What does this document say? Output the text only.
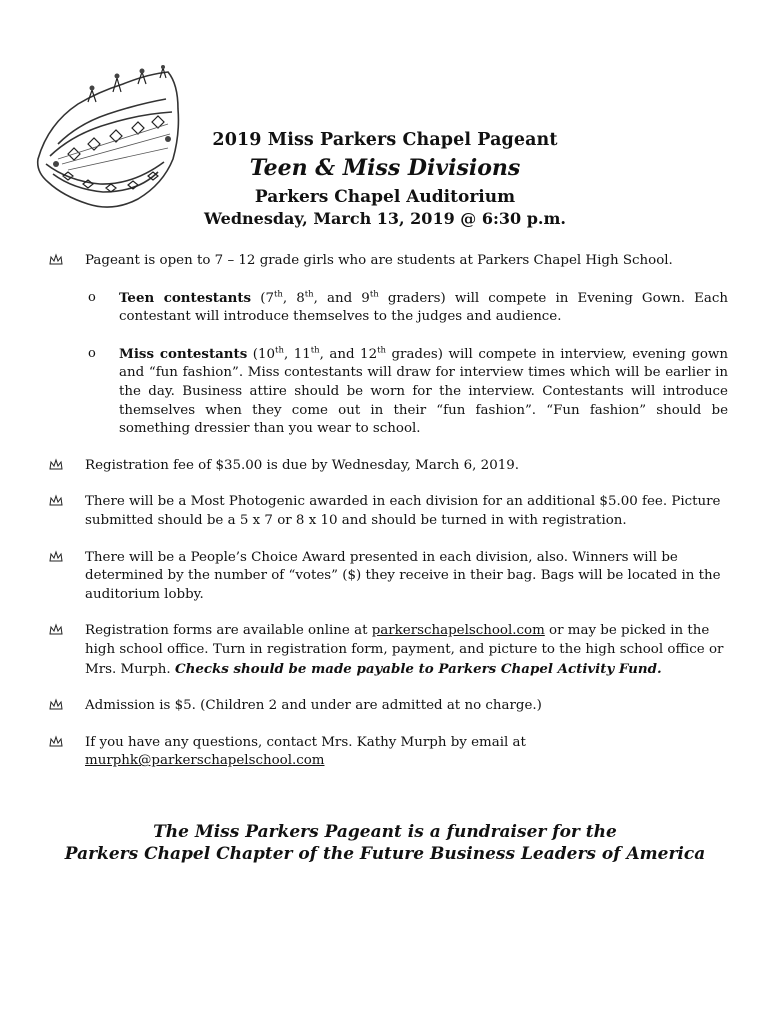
2019 Miss Parkers Chapel Pageant
Teen & Miss Divisions
Parkers Chapel Auditorium
Wednesday, March 13, 2019 @ 6:30 p.m.

Pageant is open to 7 – 12 grade girls who are students at Parkers Chapel High School.

o Teen contestants (7th, 8th, and 9th graders) will compete in Evening Gown. Each contestant will introduce themselves to the judges and audience.

o Miss contestants (10th, 11th, and 12th grades) will compete in interview, evening gown and “fun fashion”. Miss contestants will draw for interview times which will be earlier in the day. Business attire should be worn for the interview. Contestants will introduce themselves when they come out in their “fun fashion”. “Fun fashion” should be something dressier than you wear to school.

Registration fee of $35.00 is due by Wednesday, March 6, 2019.

There will be a Most Photogenic awarded in each division for an additional $5.00 fee. Picture submitted should be a 5 x 7 or 8 x 10 and should be turned in with registration.

There will be a People’s Choice Award presented in each division, also. Winners will be determined by the number of “votes” ($) they receive in their bag. Bags will be located in the auditorium lobby.

Registration forms are available online at parkerschapelschool.com or may be picked in the high school office. Turn in registration form, payment, and picture to the high school office or Mrs. Murph. Checks should be made payable to Parkers Chapel Activity Fund.

Admission is $5. (Children 2 and under are admitted at no charge.)

If you have any questions, contact Mrs. Kathy Murph by email at
murphk@parkerschapelschool.com

The Miss Parkers Pageant is a fundraiser for the
Parkers Chapel Chapter of the Future Business Leaders of America
